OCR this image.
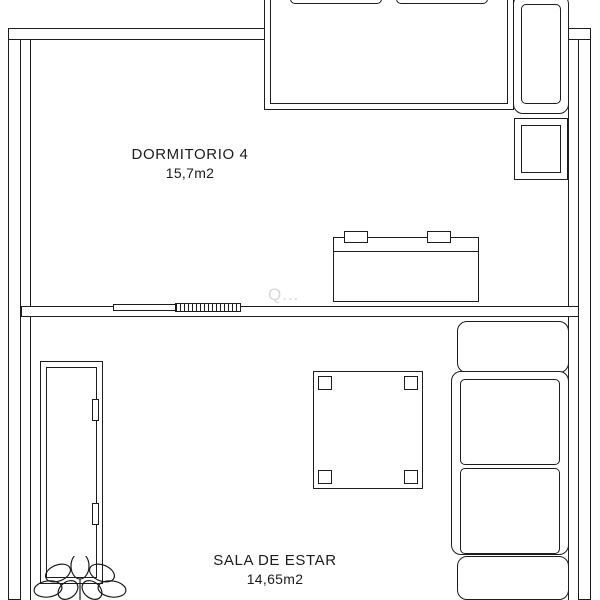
DORMITORIO 4
15,7m2
SALA DE ESTAR
14,65m2
Q...
